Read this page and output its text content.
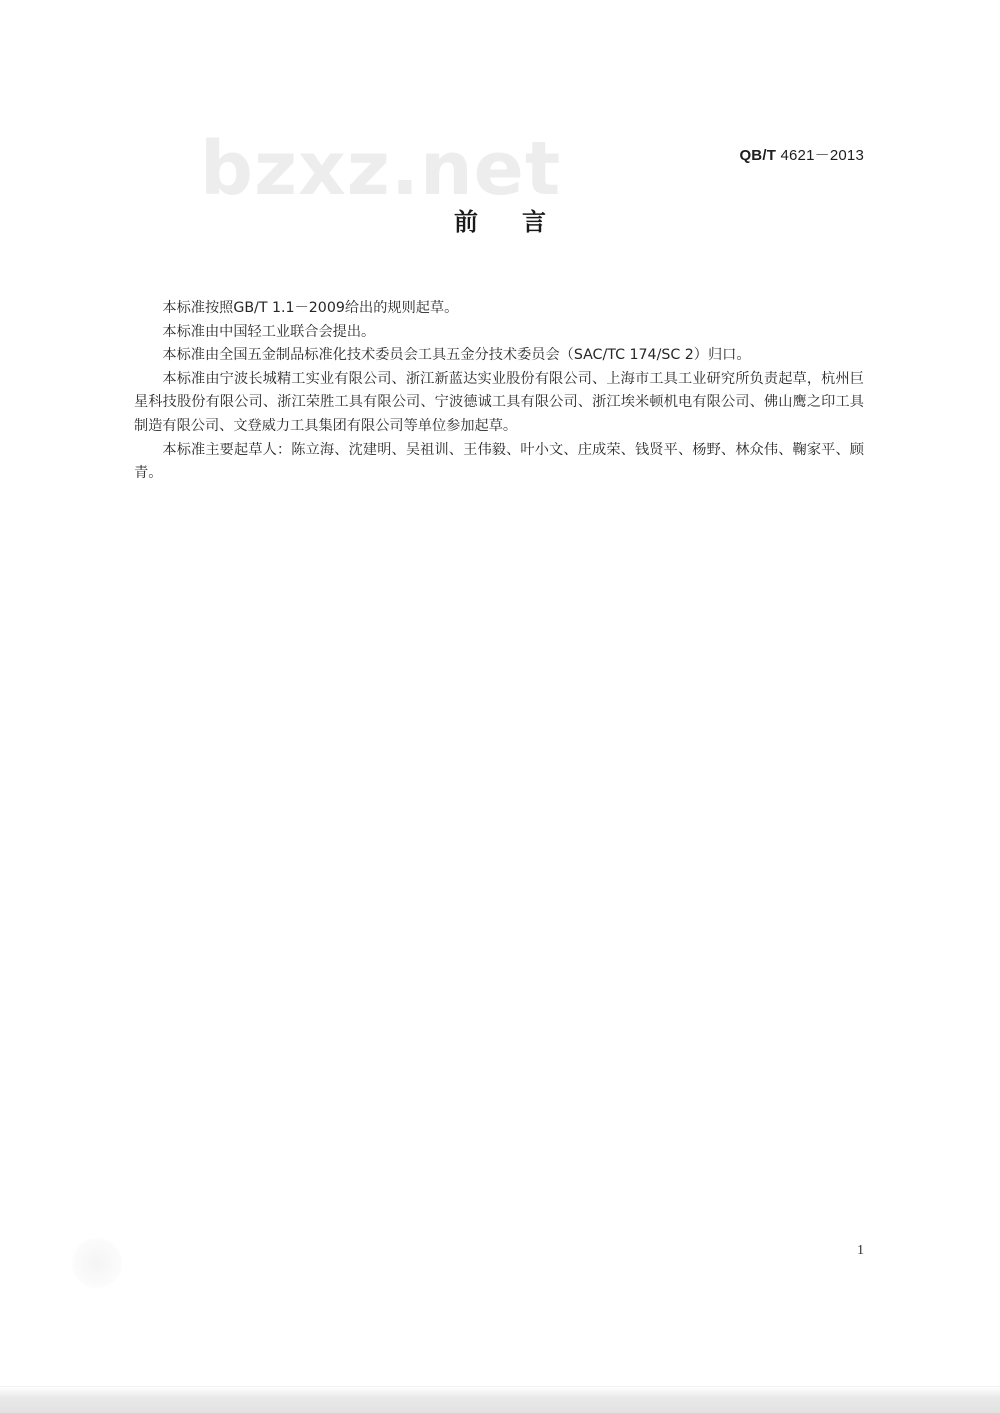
bzxz.net	QB/T 4621－2013
前言

本标准按照GB/T 1.1－2009给出的规则起草。

本标准由中国轻工业联合会提出。

本标准由全国五金制品标准化技术委员会工具五金分技术委员会（SAC/TC 174/SC 2）归口。

本标准由宁波长城精工实业有限公司、浙江新蓝达实业股份有限公司、上海市工具工业研究所负责起草，杭州巨星科技股份有限公司、浙江荣胜工具有限公司、宁波德诚工具有限公司、浙江埃米顿机电有限公司、佛山鹰之印工具制造有限公司、文登威力工具集团有限公司等单位参加起草。

本标准主要起草人：陈立海、沈建明、吴祖训、王伟毅、叶小文、庄成荣、钱贤平、杨野、林众伟、鞠家平、顾青。

1
